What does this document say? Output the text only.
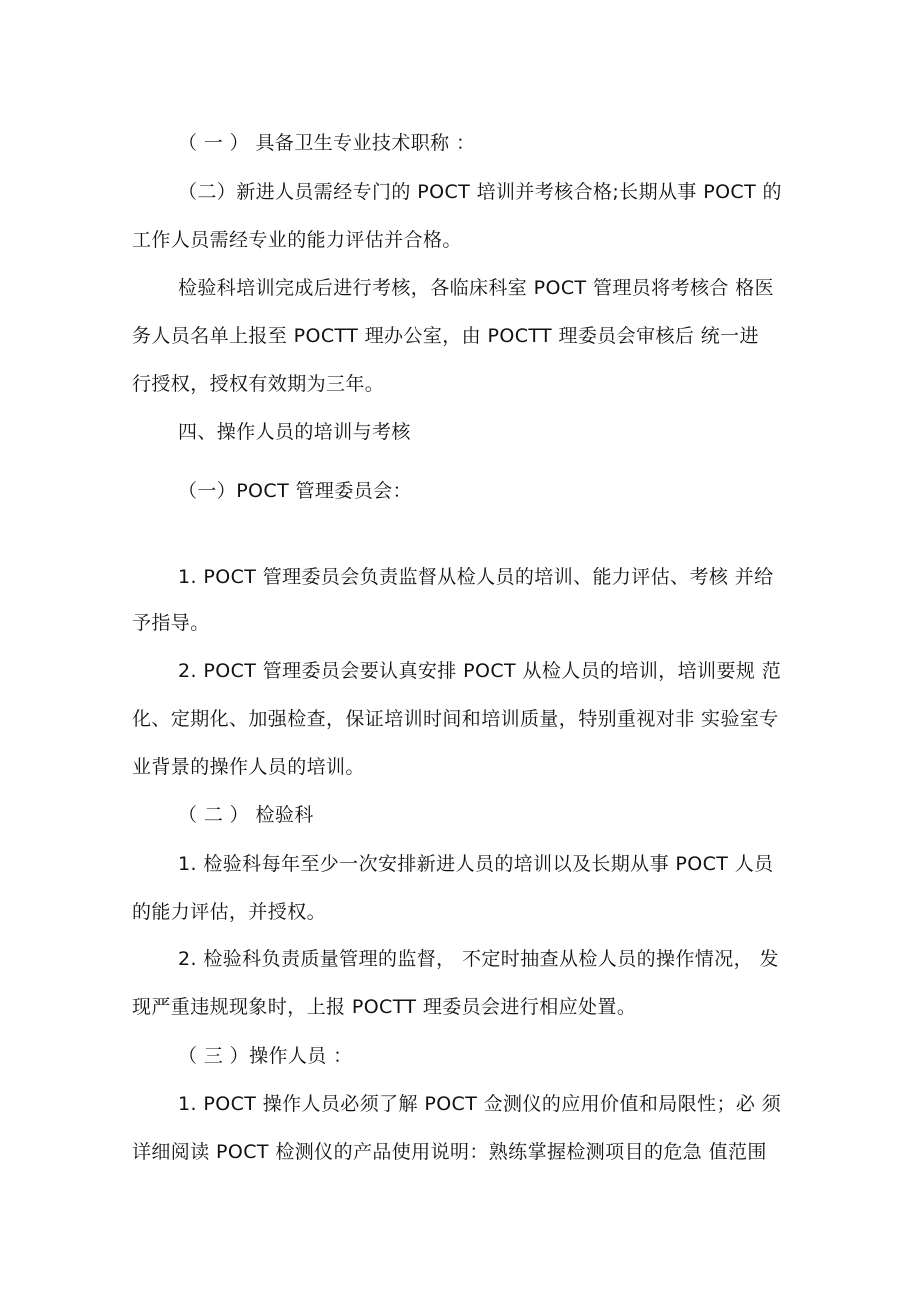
（ 一 ） 具备卫生专业技术职称 ：
（二）新进人员需经专门的 POCT 培训并考核合格;长期从事 POCT 的
工作人员需经专业的能力评估并合格。
检验科培训完成后进行考核，各临床科室 POCT 管理员将考核合 格医
务人员名单上报至 POCTT 理办公室，由 POCTT 理委员会审核后 统一进
行授权，授权有效期为三年。
四、操作人员的培训与考核
（一）POCT 管理委员会：
1. POCT 管理委员会负责监督从检人员的培训、能力评估、考核 并给
予指导。
2. POCT 管理委员会要认真安排 POCT 从检人员的培训，培训要规 范
化、定期化、加强检查，保证培训时间和培训质量，特别重视对非 实验室专
业背景的操作人员的培训。
（ 二 ） 检验科
1. 检验科每年至少一次安排新进人员的培训以及长期从事 POCT 人员
的能力评估，并授权。
2. 检验科负责质量管理的监督， 不定时抽查从检人员的操作情况， 发
现严重违规现象时，上报 POCTT 理委员会进行相应处置。
（ 三 ）操作人员 ：
1. POCT 操作人员必须了解 POCT 佥测仪的应用价值和局限性；必 须
详细阅读 POCT 检测仪的产品使用说明：熟练掌握检测项目的危急 值范围
